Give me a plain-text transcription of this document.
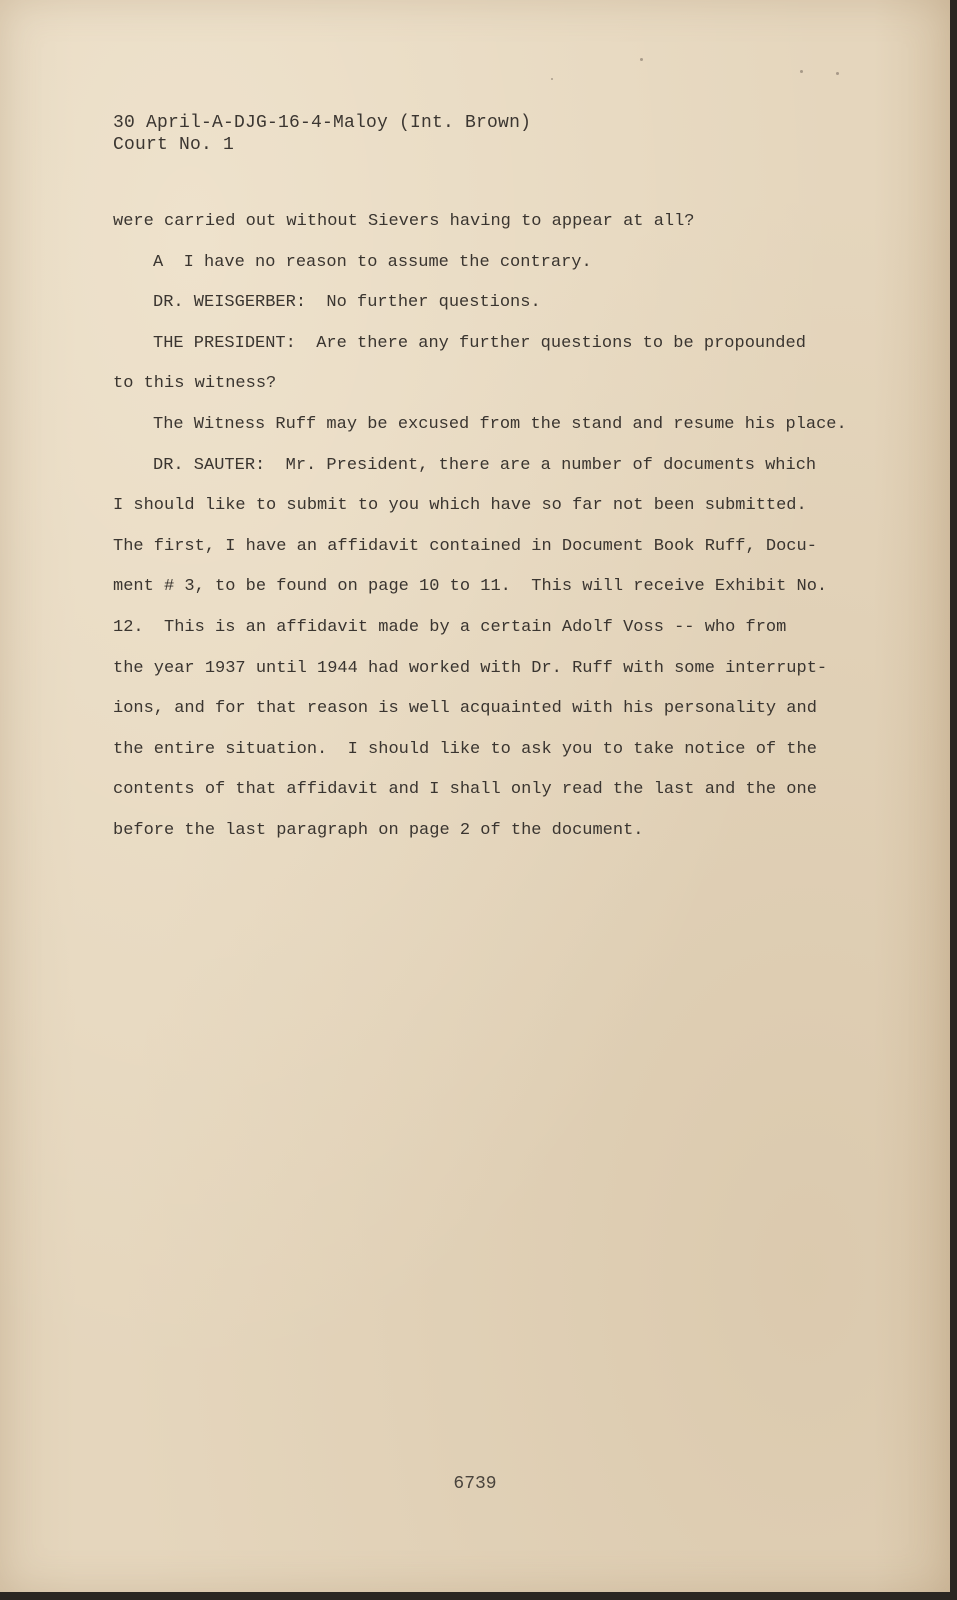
30 April-A-DJG-16-4-Maloy (Int. Brown)
Court No. 1
were carried out without Sievers having to appear at all?
A  I have no reason to assume the contrary.
DR. WEISGERBER:  No further questions.
THE PRESIDENT:  Are there any further questions to be propounded
to this witness?
The Witness Ruff may be excused from the stand and resume his place.
DR. SAUTER:  Mr. President, there are a number of documents which
I should like to submit to you which have so far not been submitted.
The first, I have an affidavit contained in Document Book Ruff, Docu-
ment # 3, to be found on page 10 to 11.  This will receive Exhibit No.
12.  This is an affidavit made by a certain Adolf Voss -- who from
the year 1937 until 1944 had worked with Dr. Ruff with some interrupt-
ions, and for that reason is well acquainted with his personality and
the entire situation.  I should like to ask you to take notice of the
contents of that affidavit and I shall only read the last and the one
before the last paragraph on page 2 of the document.
6739
